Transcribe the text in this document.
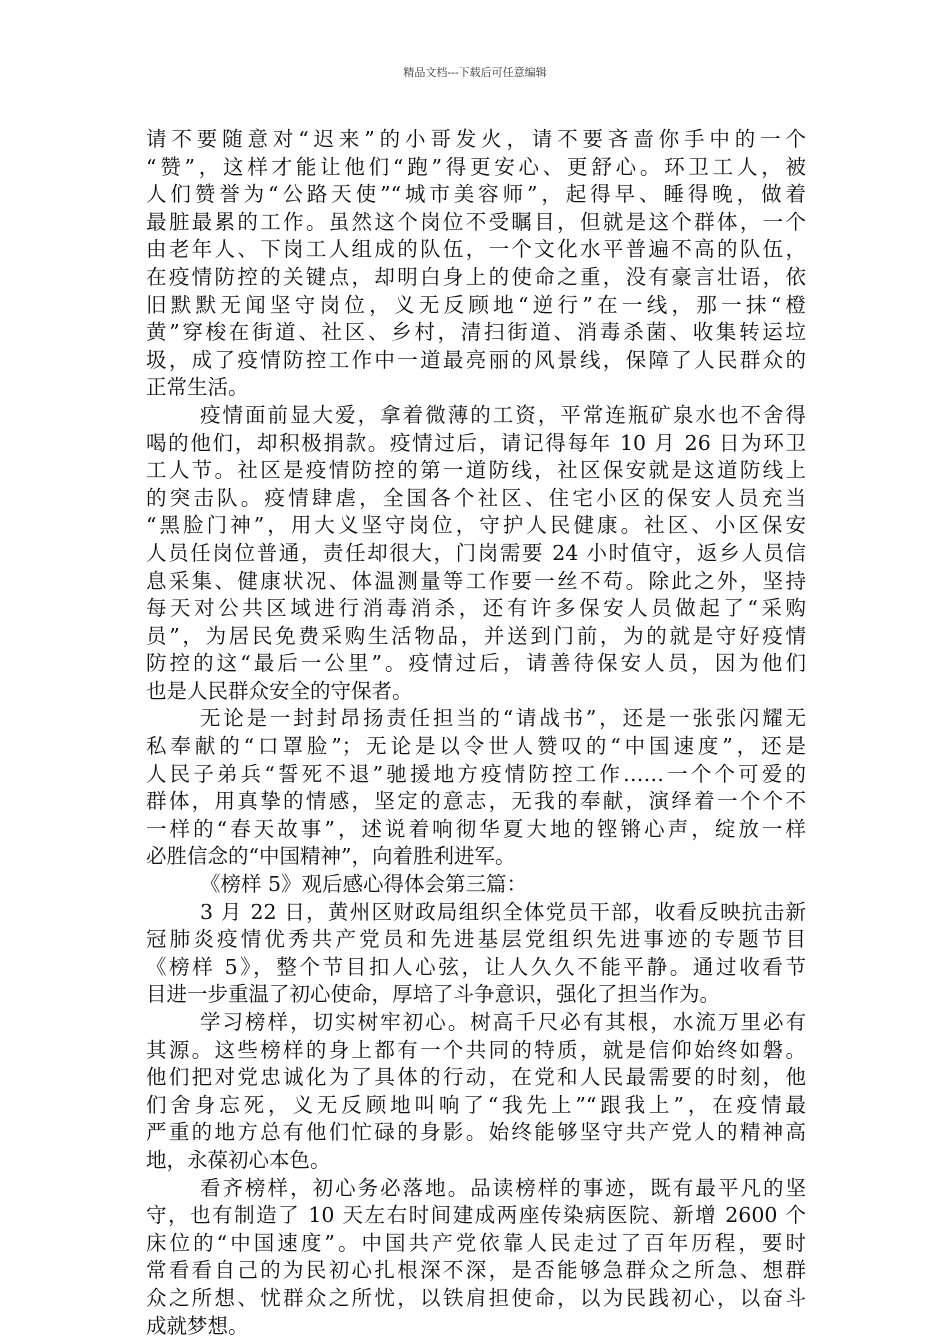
精品文档---下载后可任意编辑
请不要随意对“迟来”的小哥发火，请不要吝啬你手中的一个
“赞”，这样才能让他们“跑”得更安心、更舒心。环卫工人，被
人们赞誉为“公路天使”“城市美容师”，起得早、睡得晚，做着
最脏最累的工作。虽然这个岗位不受瞩目，但就是这个群体，一个
由老年人、下岗工人组成的队伍，一个文化水平普遍不高的队伍，
在疫情防控的关键点，却明白身上的使命之重，没有豪言壮语，依
旧默默无闻坚守岗位，义无反顾地“逆行”在一线，那一抹“橙
黄”穿梭在街道、社区、乡村，清扫街道、消毒杀菌、收集转运垃
圾，成了疫情防控工作中一道最亮丽的风景线，保障了人民群众的
正常生活。
疫情面前显大爱，拿着微薄的工资，平常连瓶矿泉水也不舍得
喝的他们，却积极捐款。疫情过后，请记得每年 10 月 26 日为环卫
工人节。社区是疫情防控的第一道防线，社区保安就是这道防线上
的突击队。疫情肆虐，全国各个社区、住宅小区的保安人员充当
“黑脸门神”，用大义坚守岗位，守护人民健康。社区、小区保安
人员任岗位普通，责任却很大，门岗需要 24 小时值守，返乡人员信
息采集、健康状况、体温测量等工作要一丝不苟。除此之外，坚持
每天对公共区域进行消毒消杀，还有许多保安人员做起了“采购
员”，为居民免费采购生活物品，并送到门前，为的就是守好疫情
防控的这“最后一公里”。疫情过后，请善待保安人员，因为他们
也是人民群众安全的守保者。
无论是一封封昂扬责任担当的“请战书”，还是一张张闪耀无
私奉献的“口罩脸”；无论是以令世人赞叹的“中国速度”，还是
人民子弟兵“誓死不退”驰援地方疫情防控工作……一个个可爱的
群体，用真挚的情感，坚定的意志，无我的奉献，演绎着一个个不
一样的“春天故事”，述说着响彻华夏大地的铿锵心声，绽放一样
必胜信念的“中国精神”，向着胜利进军。
《榜样 5》观后感心得体会第三篇：
3 月 22 日，黄州区财政局组织全体党员干部，收看反映抗击新
冠肺炎疫情优秀共产党员和先进基层党组织先进事迹的专题节目
《榜样 5》，整个节目扣人心弦，让人久久不能平静。通过收看节
目进一步重温了初心使命，厚培了斗争意识，强化了担当作为。
学习榜样，切实树牢初心。树高千尺必有其根，水流万里必有
其源。这些榜样的身上都有一个共同的特质，就是信仰始终如磐。
他们把对党忠诚化为了具体的行动，在党和人民最需要的时刻，他
们舍身忘死，义无反顾地叫响了“我先上”“跟我上”，在疫情最
严重的地方总有他们忙碌的身影。始终能够坚守共产党人的精神高
地，永葆初心本色。
看齐榜样，初心务必落地。品读榜样的事迹，既有最平凡的坚
守，也有制造了 10 天左右时间建成两座传染病医院、新增 2600 个
床位的“中国速度”。中国共产党依靠人民走过了百年历程，要时
常看看自己的为民初心扎根深不深，是否能够急群众之所急、想群
众之所想、忧群众之所忧，以铁肩担使命，以为民践初心，以奋斗
成就梦想。
